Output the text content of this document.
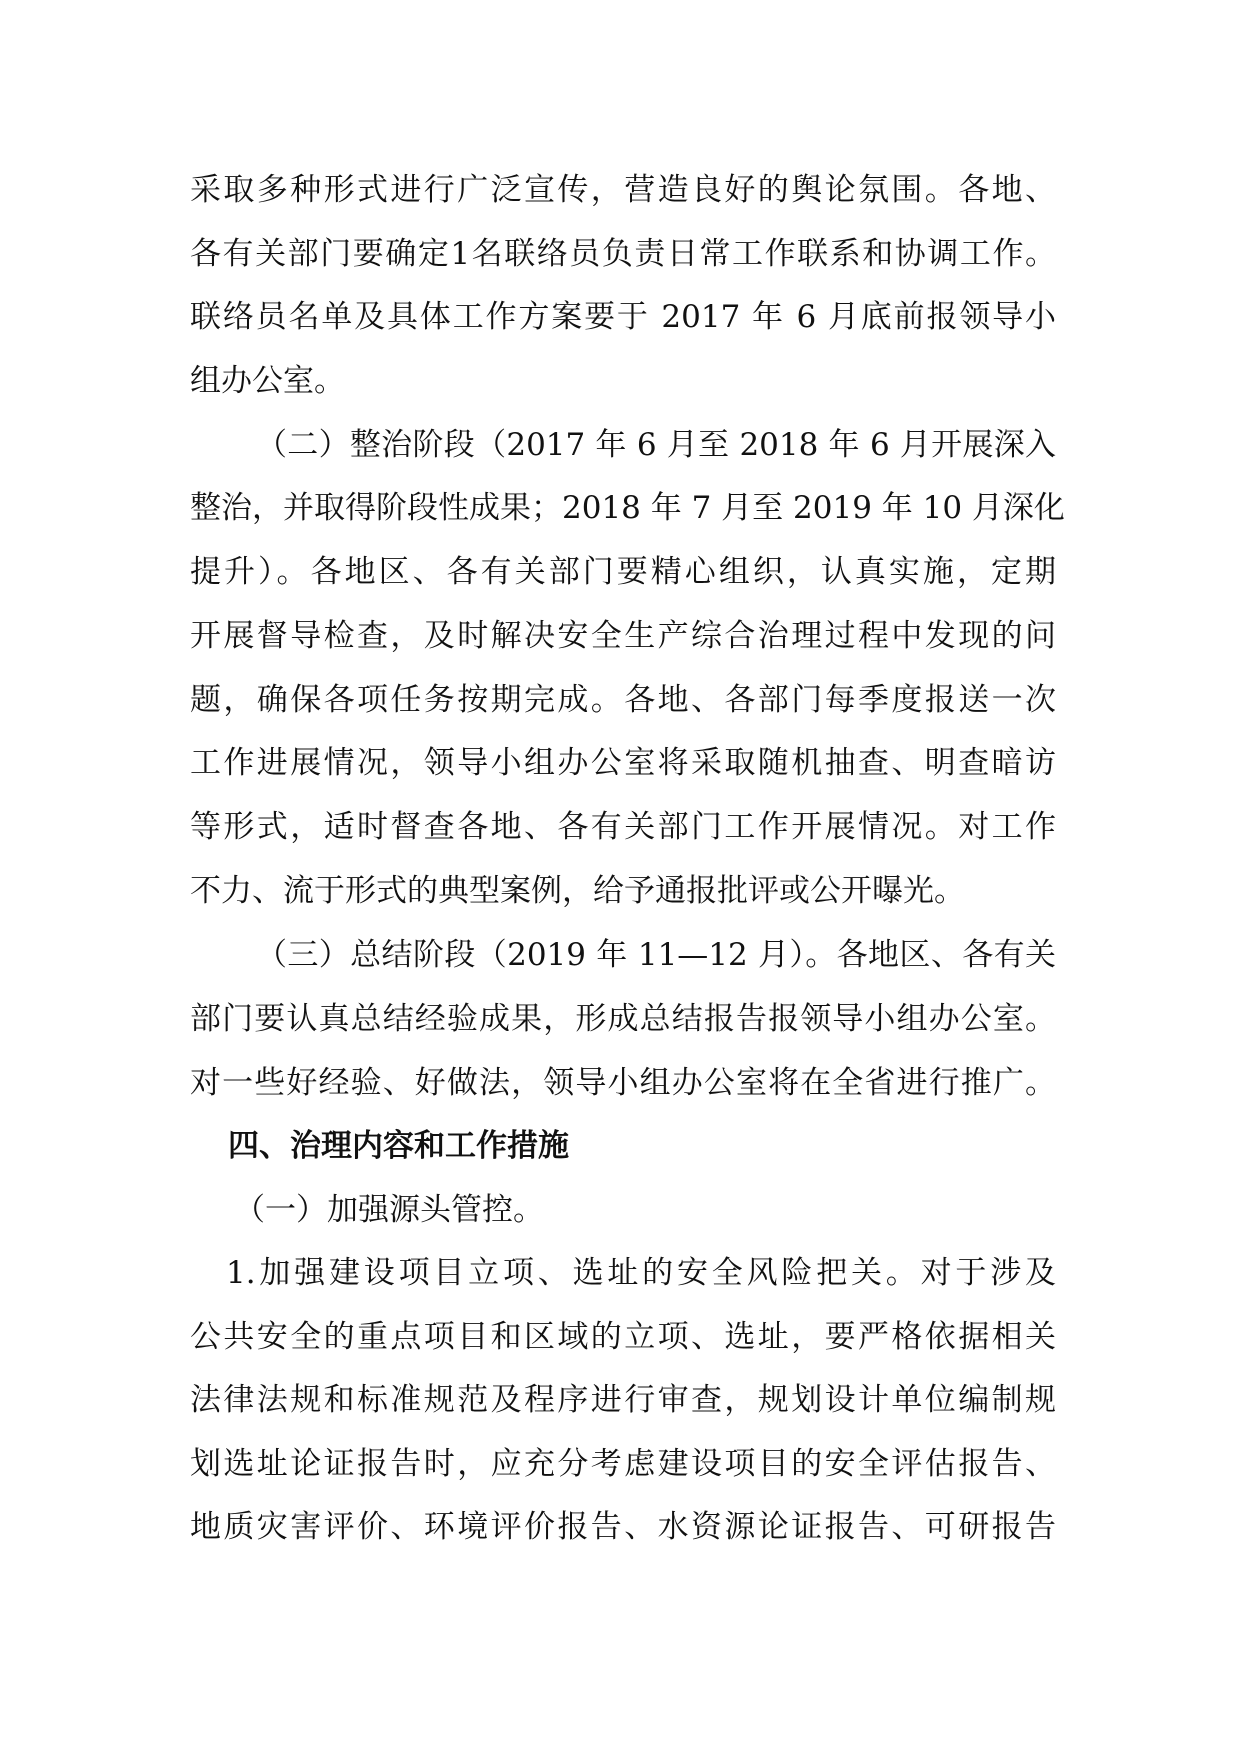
采取多种形式进行广泛宣传，营造良好的舆论氛围。各地、
各有关部门要确定1名联络员负责日常工作联系和协调工作。
联络员名单及具体工作方案要于 2017 年 6 月底前报领导小
组办公室。
（二）整治阶段（2017 年 6 月至 2018 年 6 月开展深入
整治，并取得阶段性成果；2018 年 7 月至 2019 年 10 月深化
提升）。各地区、各有关部门要精心组织，认真实施，定期
开展督导检查，及时解决安全生产综合治理过程中发现的问
题，确保各项任务按期完成。各地、各部门每季度报送一次
工作进展情况，领导小组办公室将采取随机抽查、明查暗访
等形式，适时督查各地、各有关部门工作开展情况。对工作
不力、流于形式的典型案例，给予通报批评或公开曝光。
（三）总结阶段（2019 年 11—12 月）。各地区、各有关
部门要认真总结经验成果，形成总结报告报领导小组办公室。
对一些好经验、好做法，领导小组办公室将在全省进行推广。
四、治理内容和工作措施
（一）加强源头管控。
1.加强建设项目立项、选址的安全风险把关。对于涉及
公共安全的重点项目和区域的立项、选址，要严格依据相关
法律法规和标准规范及程序进行审查，规划设计单位编制规
划选址论证报告时，应充分考虑建设项目的安全评估报告、
地质灾害评价、环境评价报告、水资源论证报告、可研报告
